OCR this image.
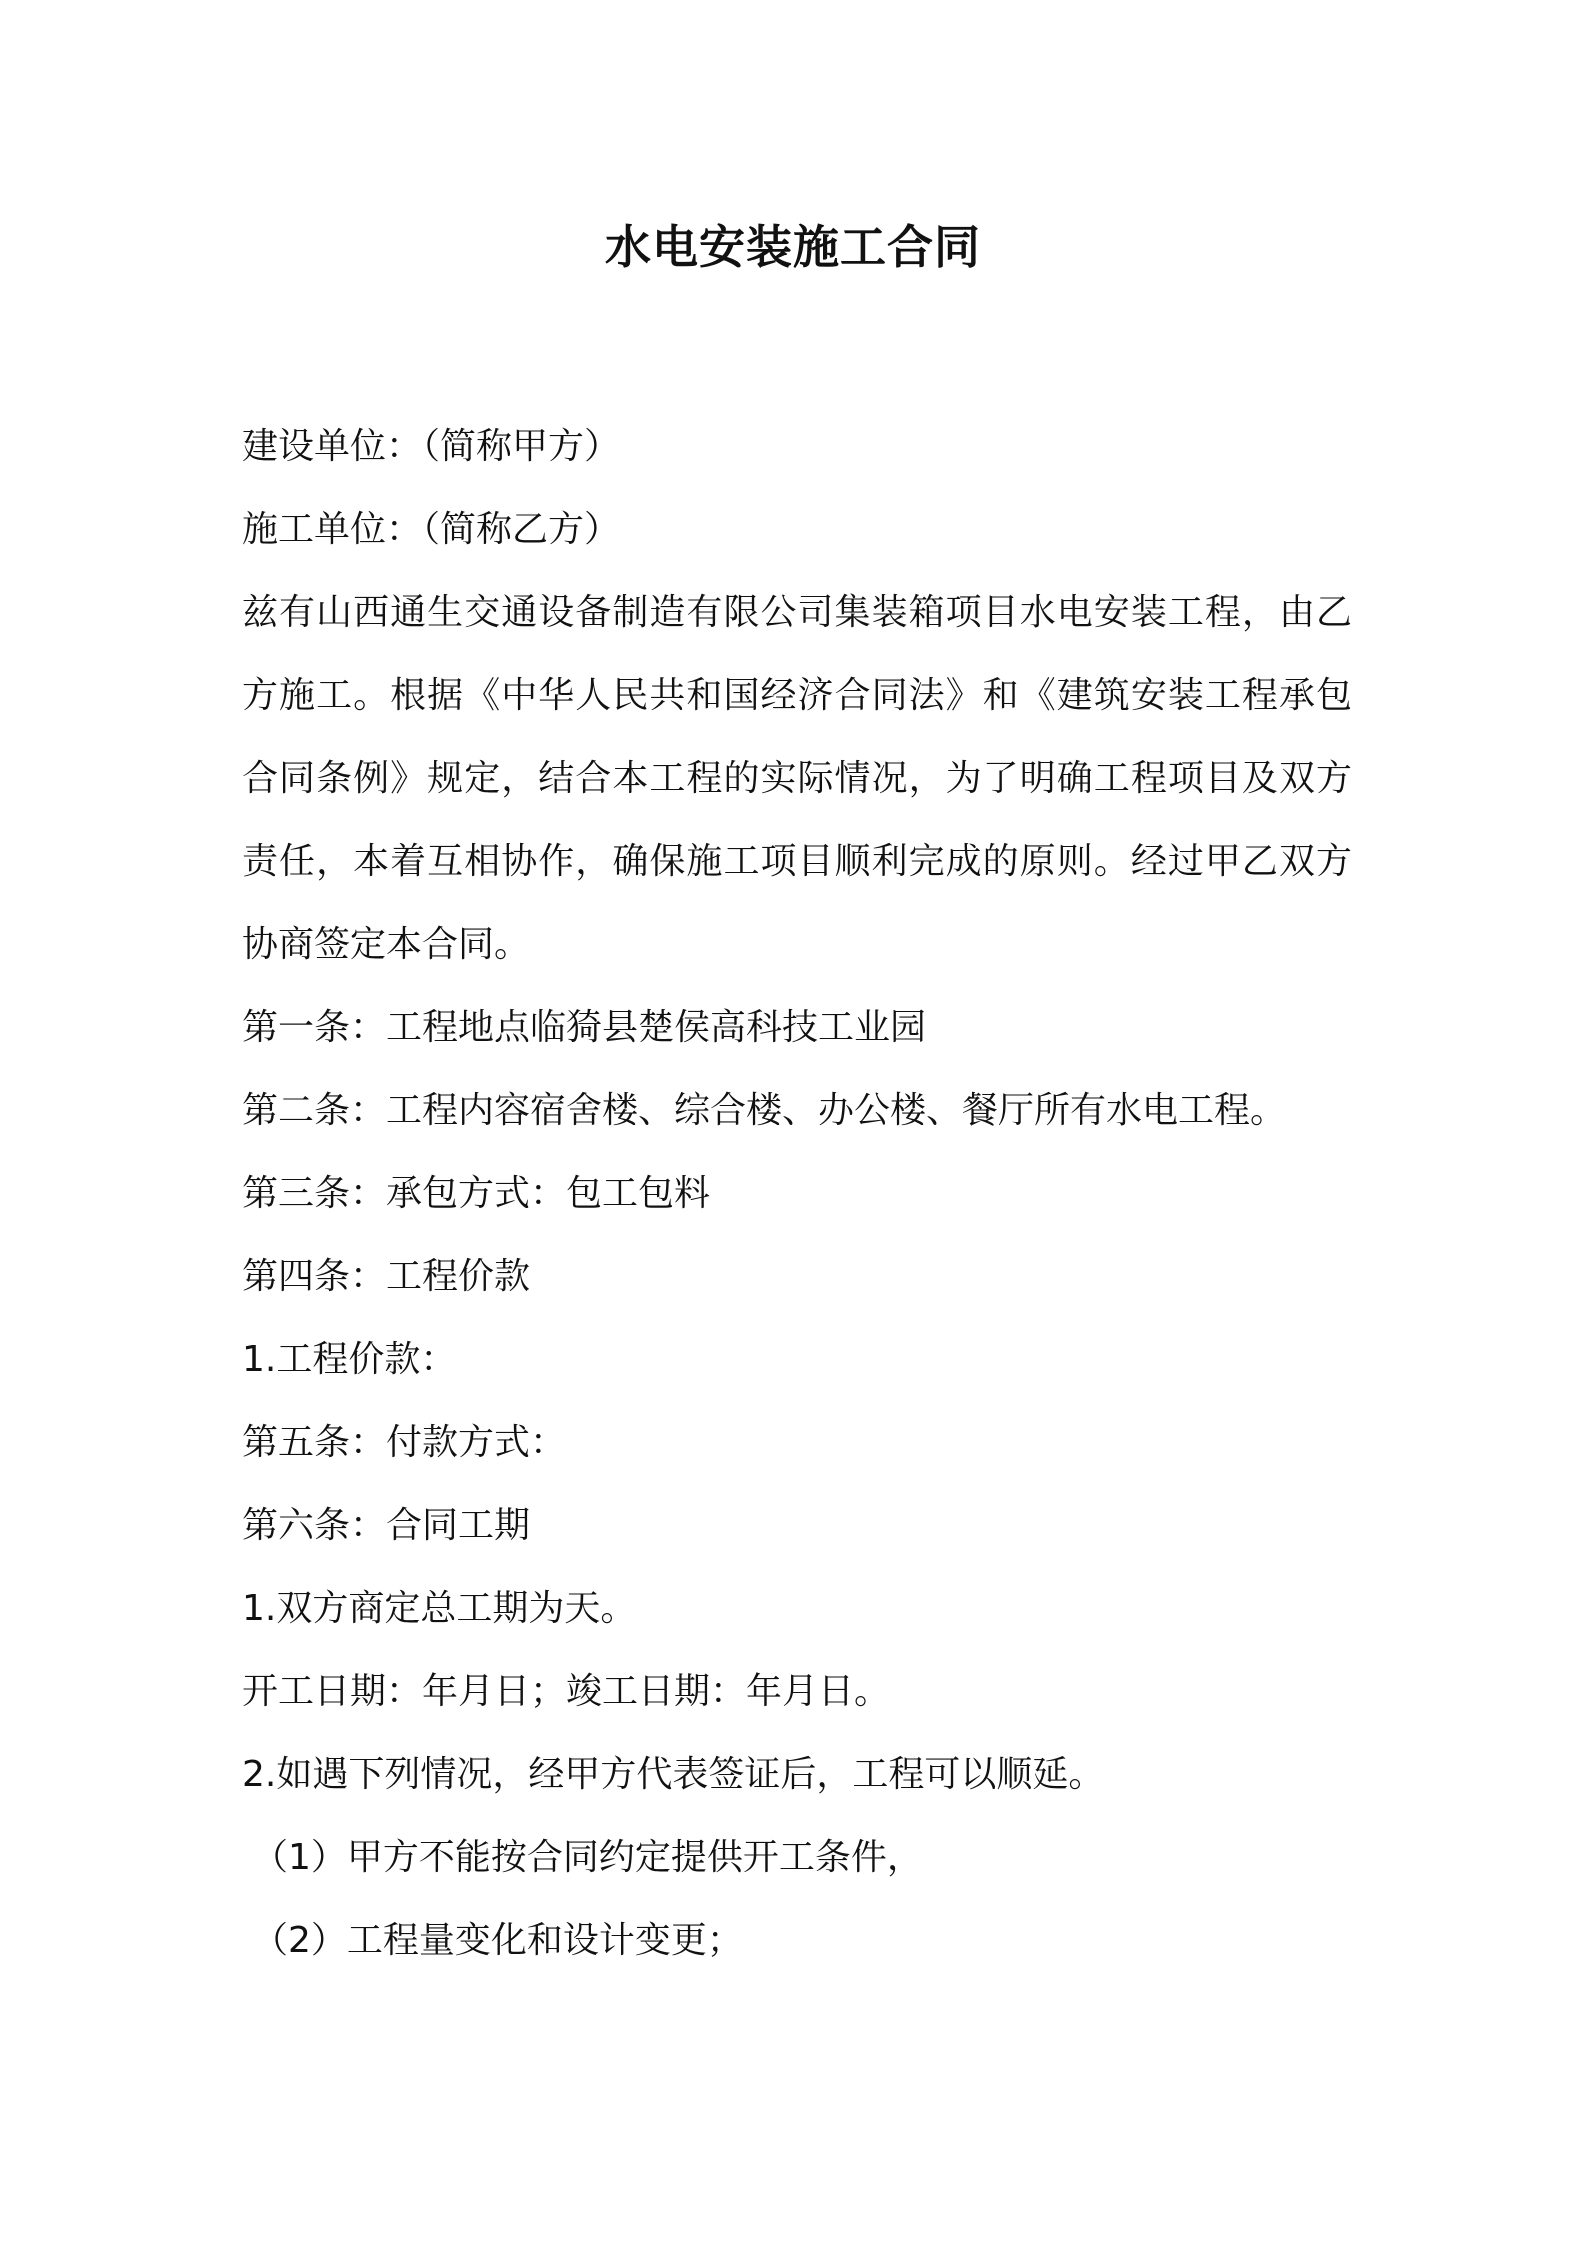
水电安装施工合同
建设单位：（简称甲方）
施工单位：（简称乙方）
兹有山西通生交通设备制造有限公司集装箱项目水电安装工程，由乙方施工。根据《中华人民共和国经济合同法》和《建筑安装工程承包合同条例》规定，结合本工程的实际情况，为了明确工程项目及双方责任，本着互相协作，确保施工项目顺利完成的原则。经过甲乙双方协商签定本合同。
第一条：工程地点临猗县楚侯高科技工业园
第二条：工程内容宿舍楼、综合楼、办公楼、餐厅所有水电工程。
第三条：承包方式：包工包料
第四条：工程价款
1.工程价款：
第五条：付款方式：
第六条：合同工期
1.双方商定总工期为天。
开工日期：年月日；竣工日期：年月日。
2.如遇下列情况，经甲方代表签证后，工程可以顺延。
（1）甲方不能按合同约定提供开工条件，
（2）工程量变化和设计变更；
